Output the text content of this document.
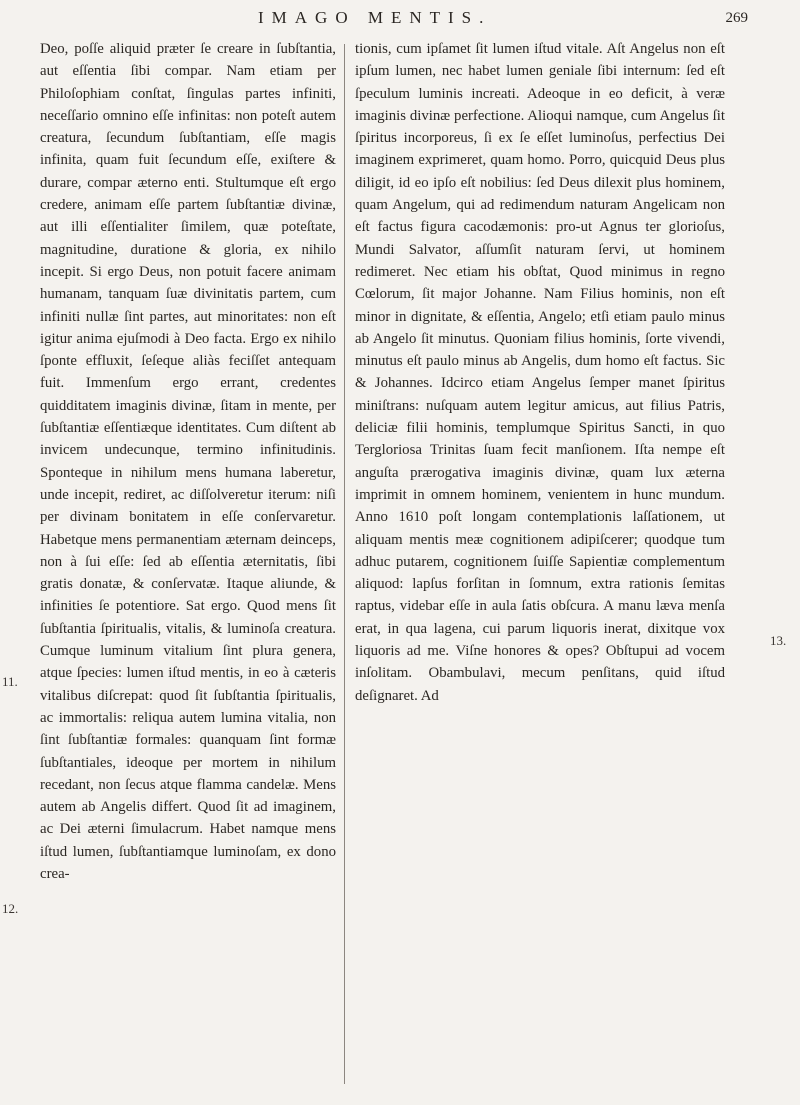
IMAGO MENTIS.	269

Deo, poſſe aliquid præter ſe creare in ſubſtantia, aut eſſentia ſibi compar. Nam etiam per Philoſophiam conſtat, ſingulas partes infiniti, neceſſario omnino eſſe infinitas: non poteſt autem creatura, ſecundum ſubſtantiam, eſſe magis infinita, quam fuit ſecundum eſſe, exiſtere & durare, compar æterno enti. Stultumque eſt ergo credere, animam eſſe partem ſubſtantiæ divinæ, aut illi eſſentialiter ſimilem, quæ poteſtate, magnitudine, duratione & gloria, ex nihilo incepit. Si ergo Deus, non potuit facere animam humanam, tanquam ſuæ divinitatis partem, cum infiniti nullæ ſint partes, aut minoritates: non eſt igitur anima ejuſmodi à Deo facta. Ergo ex nihilo ſponte effluxit, ſeſeque aliàs feciſſet antequam fuit. Immenſum ergo errant, credentes quidditatem imaginis divinæ, ſitam in mente, per ſubſtantiæ eſſentiæque identitates. Cum diſtent ab invicem undecunque, termino infinitudinis. Sponteque in nihilum mens humana laberetur, unde incepit, rediret, ac diſſolveretur iterum: niſi per divinam bonitatem in eſſe conſervaretur. Habetque mens permanentiam æternam deinceps, non à ſui eſſe: ſed ab eſſentia æternitatis, ſibi gratis donatæ, & conſervatæ. Itaque aliunde, & infinities ſe potentiore. Sat ergo. Quod mens ſit ſubſtantia ſpiritualis, vitalis, & luminoſa creatura. Cumque luminum vitalium ſint plura genera, atque ſpecies: lumen iſtud mentis, in eo à cæteris vitalibus diſcrepat: quod ſit ſubſtantia ſpiritualis, ac immortalis: reliqua autem lumina vitalia, non ſint ſubſtantiæ formales: quanquam ſint formæ ſubſtantiales, ideoque per mortem in nihilum recedant, non ſecus atque flamma candelæ. Mens autem ab Angelis differt. Quod ſit ad imaginem, ac Dei æterni ſimulacrum. Habet namque mens iſtud lumen, ſubſtantiamque luminoſam, ex dono crea-

tionis, cum ipſamet ſit lumen iſtud vitale. Aſt Angelus non eſt ipſum lumen, nec habet lumen geniale ſibi internum: ſed eſt ſpeculum luminis increati. Adeoque in eo deficit, à veræ imaginis divinæ perfectione. Alioqui namque, cum Angelus ſit ſpiritus incorporeus, ſi ex ſe eſſet luminoſus, perfectius Dei imaginem exprimeret, quam homo. Porro, quicquid Deus plus diligit, id eo ipſo eſt nobilius: ſed Deus dilexit plus hominem, quam Angelum, qui ad redimendum naturam Angelicam non eſt factus figura cacodæmonis: pro-ut Agnus ter glorioſus, Mundi Salvator, aſſumſit naturam ſervi, ut hominem redimeret. Nec etiam his obſtat, Quod minimus in regno Cœlorum, ſit major Johanne. Nam Filius hominis, non eſt minor in dignitate, & eſſentia, Angelo; etſi etiam paulo minus ab Angelo ſit minutus. Quoniam filius hominis, ſorte vivendi, minutus eſt paulo minus ab Angelis, dum homo eſt factus. Sic & Johannes. Idcirco etiam Angelus ſemper manet ſpiritus miniſtrans: nuſquam autem legitur amicus, aut filius Patris, deliciæ filii hominis, templumque Spiritus Sancti, in quo Tergloriosa Trinitas ſuam fecit manſionem. Iſta nempe eſt anguſta prærogativa imaginis divinæ, quam lux æterna imprimit in omnem hominem, venientem in hunc mundum. Anno 1610 poſt longam contemplationis laſſationem, ut aliquam mentis meæ cognitionem adipiſcerer; quodque tum adhuc putarem, cognitionem ſuiſſe Sapientiæ complementum aliquod: lapſus forſitan in ſomnum, extra rationis ſemitas raptus, videbar eſſe in aula ſatis obſcura. A manu læva menſa erat, in qua lagena, cui parum liquoris inerat, dixitque vox liquoris ad me. Viſne honores & opes? Obſtupui ad vocem inſolitam. Obambulavi, mecum penſitans, quid iſtud deſignaret. Ad

11.
12.
13.
